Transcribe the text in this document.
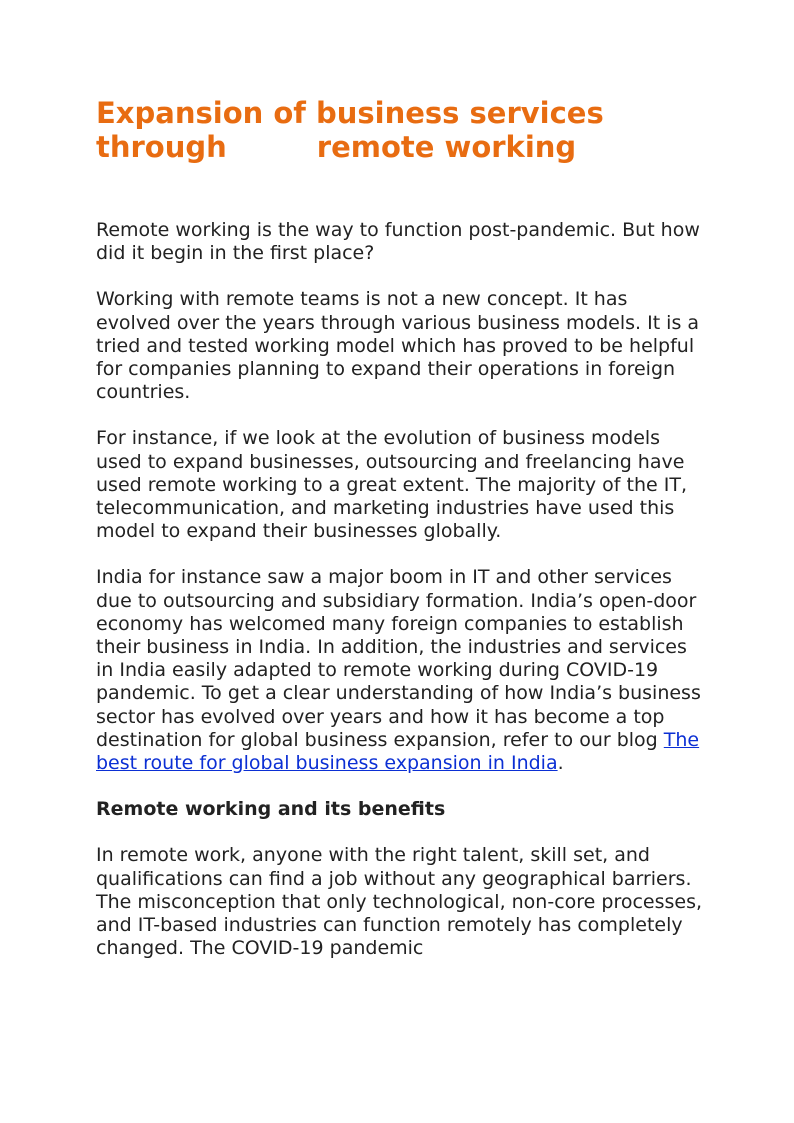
Expansion of business services
through	remote working

Remote working is the way to function post-pandemic. But how did it begin in the first place?

Working with remote teams is not a new concept. It has evolved over the years through various business models. It is a tried and tested working model which has proved to be helpful for companies planning to expand their operations in foreign countries.

For instance, if we look at the evolution of business models used to expand businesses, outsourcing and freelancing have used remote working to a great extent. The majority of the IT, telecommunication, and marketing industries have used this model to expand their businesses globally.

India for instance saw a major boom in IT and other services due to outsourcing and subsidiary formation. India’s open-door economy has welcomed many foreign companies to establish their business in India. In addition, the industries and services in India easily adapted to remote working during COVID-19 pandemic. To get a clear understanding of how India’s business sector has evolved over years and how it has become a top destination for global business expansion, refer to our blog The best route for global business expansion in India.

Remote working and its benefits

In remote work, anyone with the right talent, skill set, and qualifications can find a job without any geographical barriers. The misconception that only technological, non-core processes, and IT-based industries can function remotely has completely changed. The COVID-19 pandemic
